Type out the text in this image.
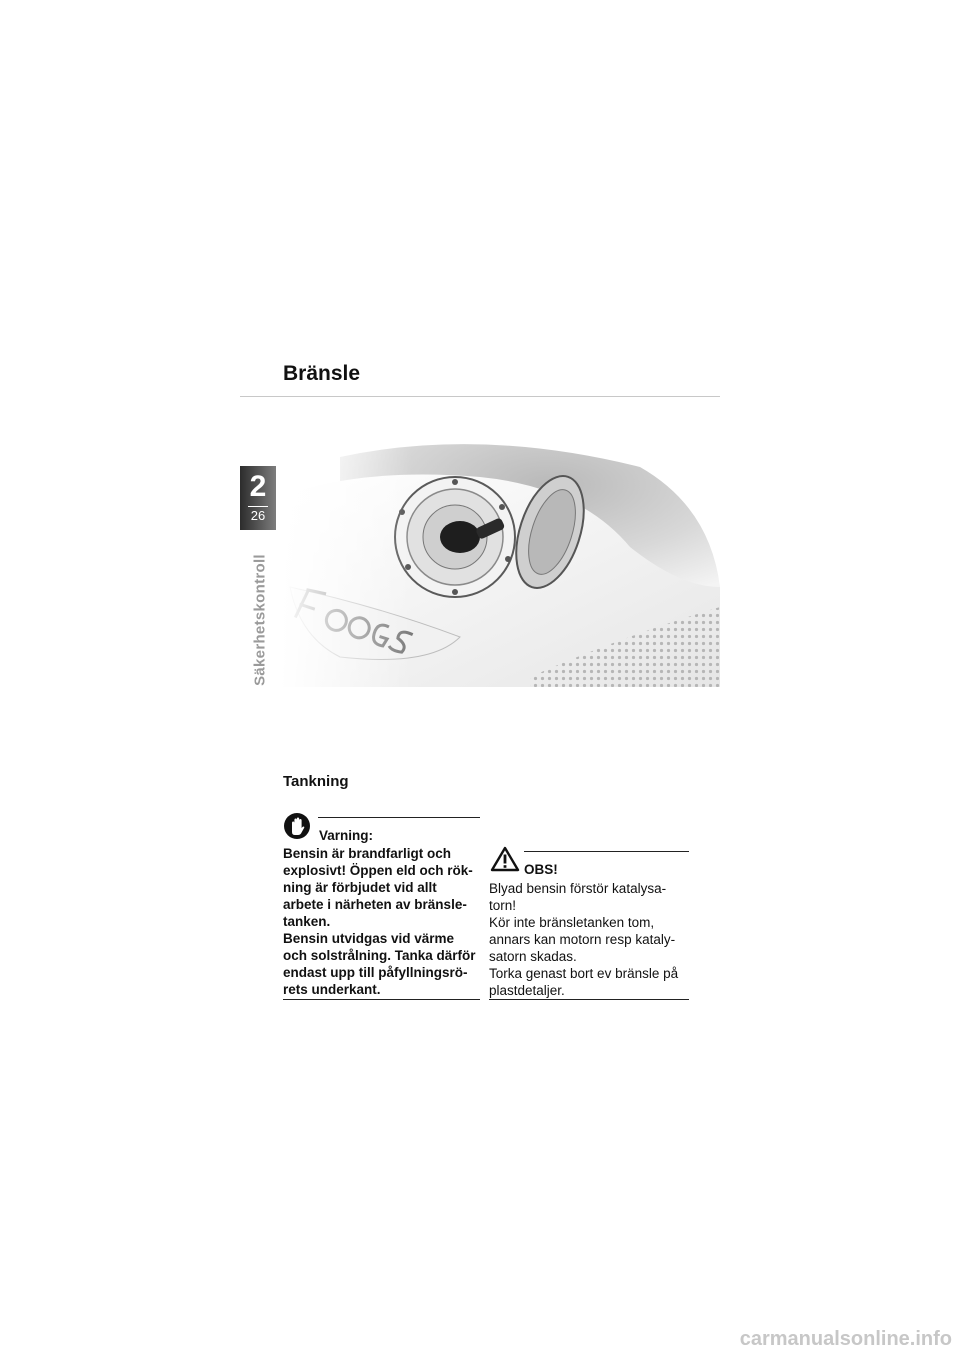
Bränsle
2
26
Säkerhetskontroll
Tankning
Varning:

Bensin är brandfarligt och

explosivt! Öppen eld och rök-

ning är förbjudet vid allt

arbete i närheten av bränsle-

tanken.

Bensin utvidgas vid värme

och solstrålning. Tanka därför

endast upp till påfyllningsrö-

rets underkant.

OBS!

Blyad bensin förstör katalysa-

torn!

Kör inte bränsletanken tom,

annars kan motorn resp kataly-

satorn skadas.

Torka genast bort ev bränsle på

plastdetaljer.

carmanualsonline.info
